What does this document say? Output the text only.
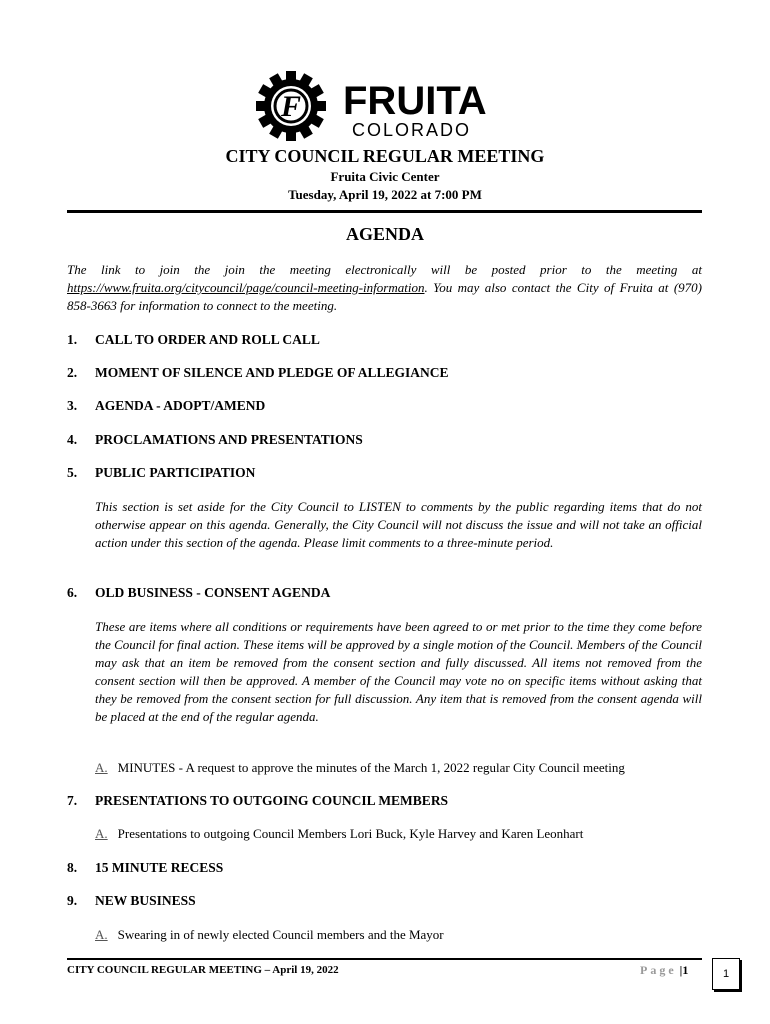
F FRUITA
COLORADO
CITY COUNCIL REGULAR MEETING
Fruita Civic Center
Tuesday, April 19, 2022 at 7:00 PM
AGENDA
The link to join the join the meeting electronically will be posted prior to the meeting at https://www.fruita.org/citycouncil/page/council-meeting-information. You may also contact the City of Fruita at (970) 858-3663 for information to connect to the meeting.
1. CALL TO ORDER AND ROLL CALL
2. MOMENT OF SILENCE AND PLEDGE OF ALLEGIANCE
3. AGENDA - ADOPT/AMEND
4. PROCLAMATIONS AND PRESENTATIONS
5. PUBLIC PARTICIPATION
This section is set aside for the City Council to LISTEN to comments by the public regarding items that do not otherwise appear on this agenda. Generally, the City Council will not discuss the issue and will not take an official action under this section of the agenda. Please limit comments to a three-minute period.
6. OLD BUSINESS - CONSENT AGENDA
These are items where all conditions or requirements have been agreed to or met prior to the time they come before the Council for final action. These items will be approved by a single motion of the Council. Members of the Council may ask that an item be removed from the consent section and fully discussed. All items not removed from the consent section will then be approved. A member of the Council may vote no on specific items without asking that they be removed from the consent section for full discussion. Any item that is removed from the consent agenda will be placed at the end of the regular agenda.
A. MINUTES - A request to approve the minutes of the March 1, 2022 regular City Council meeting
7. PRESENTATIONS TO OUTGOING COUNCIL MEMBERS
A. Presentations to outgoing Council Members Lori Buck, Kyle Harvey and Karen Leonhart
8. 15 MINUTE RECESS
9. NEW BUSINESS
A. Swearing in of newly elected Council members and the Mayor
CITY COUNCIL REGULAR MEETING – April 19, 2022	Page |1	1
